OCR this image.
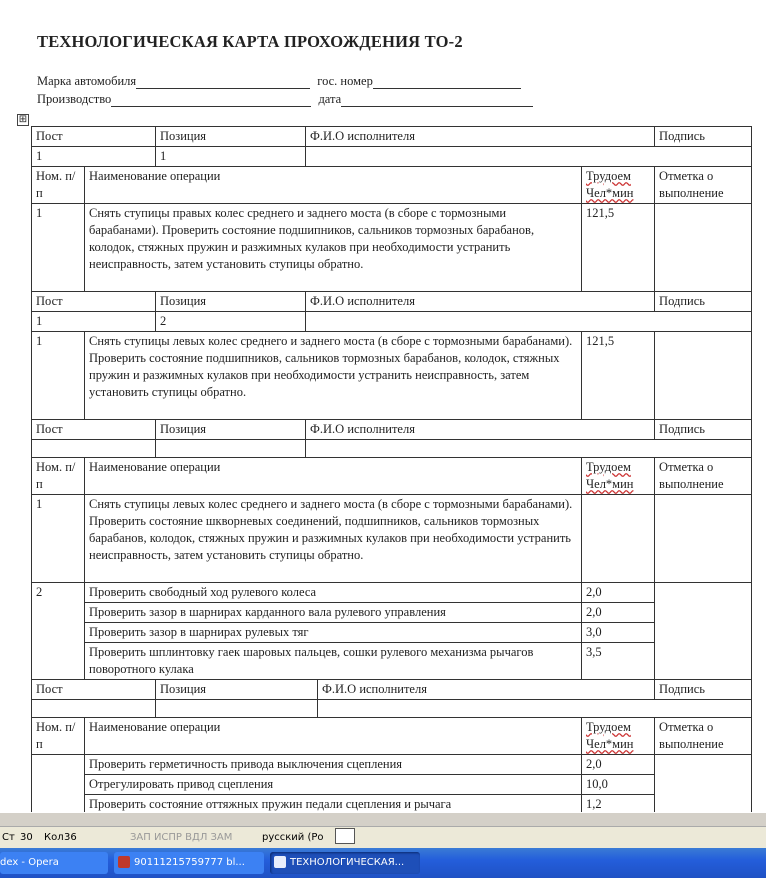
ТЕХНОЛОГИЧЕСКАЯ КАРТА ПРОХОЖДЕНИЯ ТО-2
Марка автомобиля	гос. номер
Производство	дата
⊞
Пост		Позиция	Ф.И.О исполнителя			Подпись
1		1				
Ном. п/п	Наименование операции				Трудоем Чел*мин	Отметка о выполнение
1	Снять ступицы правых колес среднего и заднего моста (в сборе с тормозными барабанами). Проверить состояние подшипников, сальников тормозных барабанов, колодок, стяжных пружин и разжимных кулаков при необходимости устранить неисправность, затем установить ступицы обратно.				121,5	
Пост		Позиция	Ф.И.О исполнителя			Подпись
1		2				
1	Снять ступицы левых колес среднего и заднего моста (в сборе с тормозными барабанами). Проверить состояние подшипников, сальников тормозных барабанов, колодок, стяжных пружин и разжимных кулаков при необходимости устранить неисправность, затем установить ступицы обратно.				121,5	
Пост		Позиция	Ф.И.О исполнителя			Подпись

Ном. п/п	Наименование операции				Трудоем Чел*мин	Отметка о выполнение
1	Снять ступицы левых колес среднего и заднего моста (в сборе с тормозными барабанами). Проверить состояние шкворневых соединений, подшипников, сальников тормозных барабанов, колодок, стяжных пружин и разжимных кулаков при необходимости устранить неисправность, затем установить ступицы обратно.					
2	Проверить свободный ход рулевого колеса				2,0	
	Проверить зазор в шарнирах карданного вала рулевого управления				2,0	
	Проверить зазор в шарнирах рулевых тяг				3,0	
	Проверить шплинтовку гаек шаровых пальцев, сошки рулевого механизма рычагов поворотного кулака				3,5	
Пост		Позиция		Ф.И.О исполнителя		Подпись

Ном. п/п	Наименование операции				Трудоем Чел*мин	Отметка о выполнение
	Проверить герметичность привода выключения сцепления				2,0	
	Отрегулировать привод сцепления				10,0	
	Проверить состояние оттяжных пружин педали сцепления и рычага				1,2	
Ст 30 Кол 36	ЗАП ИСПР ВДЛ ЗАМ	русский (Ро
dex - Opera	90111215759777 bl...	ТЕХНОЛОГИЧЕСКАЯ...
